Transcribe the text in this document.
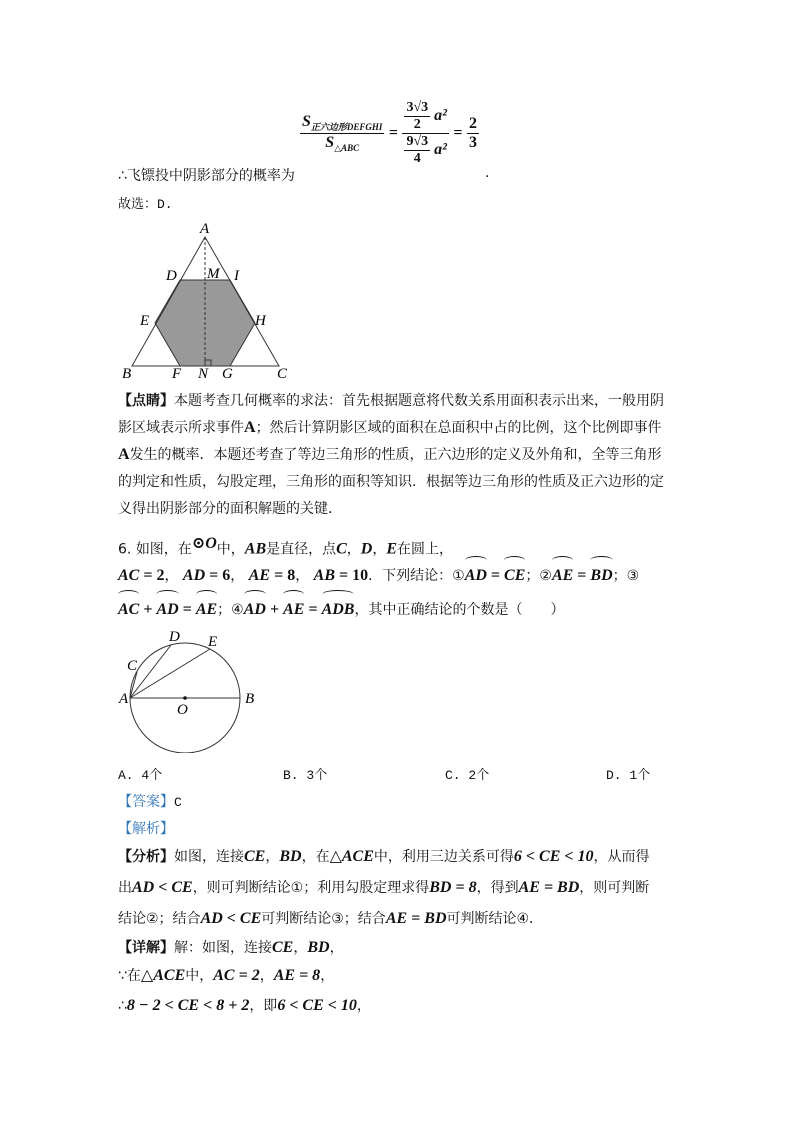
$\frac{S_{正六边形DEFGHI}}{S_{\triangle ABC}} = \frac{\frac{3√3}{2} a^2}{\frac{9√3}{4} a^2} = \frac{2}{3}$
∴飞镖投中阴影部分的概率为	.
故选：D.
A
B	C
D
E
F	G
H
I
M
N
【点睛】本题考查几何概率的求法：首先根据题意将代数关系用面积表示出来，一般用阴
影区域表示所求事件A；然后计算阴影区域的面积在总面积中占的比例，这个比例即事件
A发生的概率．本题还考查了等边三角形的性质，正六边形的定义及外角和，全等三角形
的判定和性质，勾股定理，三角形的面积等知识．根据等边三角形的性质及正六边形的定
义得出阴影部分的面积解题的关键．
6. 如图，在$^{⊙O}$中，AB是直径，点C，D，E在圆上，
AC = 2， AD = 6， AE = 8， AB = 10．下列结论：①AD = CE；②AE = BD；③
AC + AD = AE；④AD + AE = ADB，其中正确结论的个数是（　　）
A	B
C
D E
O
A. 4个	B. 3个	C. 2个	D. 1个
【答案】C
【解析】
【分析】如图，连接CE，BD，在△ACE中，利用三边关系可得6 < CE < 10，从而得
出AD < CE，则可判断结论①；利用勾股定理求得BD = 8，得到AE = BD，则可判断
结论②；结合AD < CE可判断结论③；结合AE = BD可判断结论④．
【详解】解：如图，连接CE，BD，
∵在△ACE中，AC = 2，AE = 8，
∴8 − 2 < CE < 8 + 2，即6 < CE < 10，
